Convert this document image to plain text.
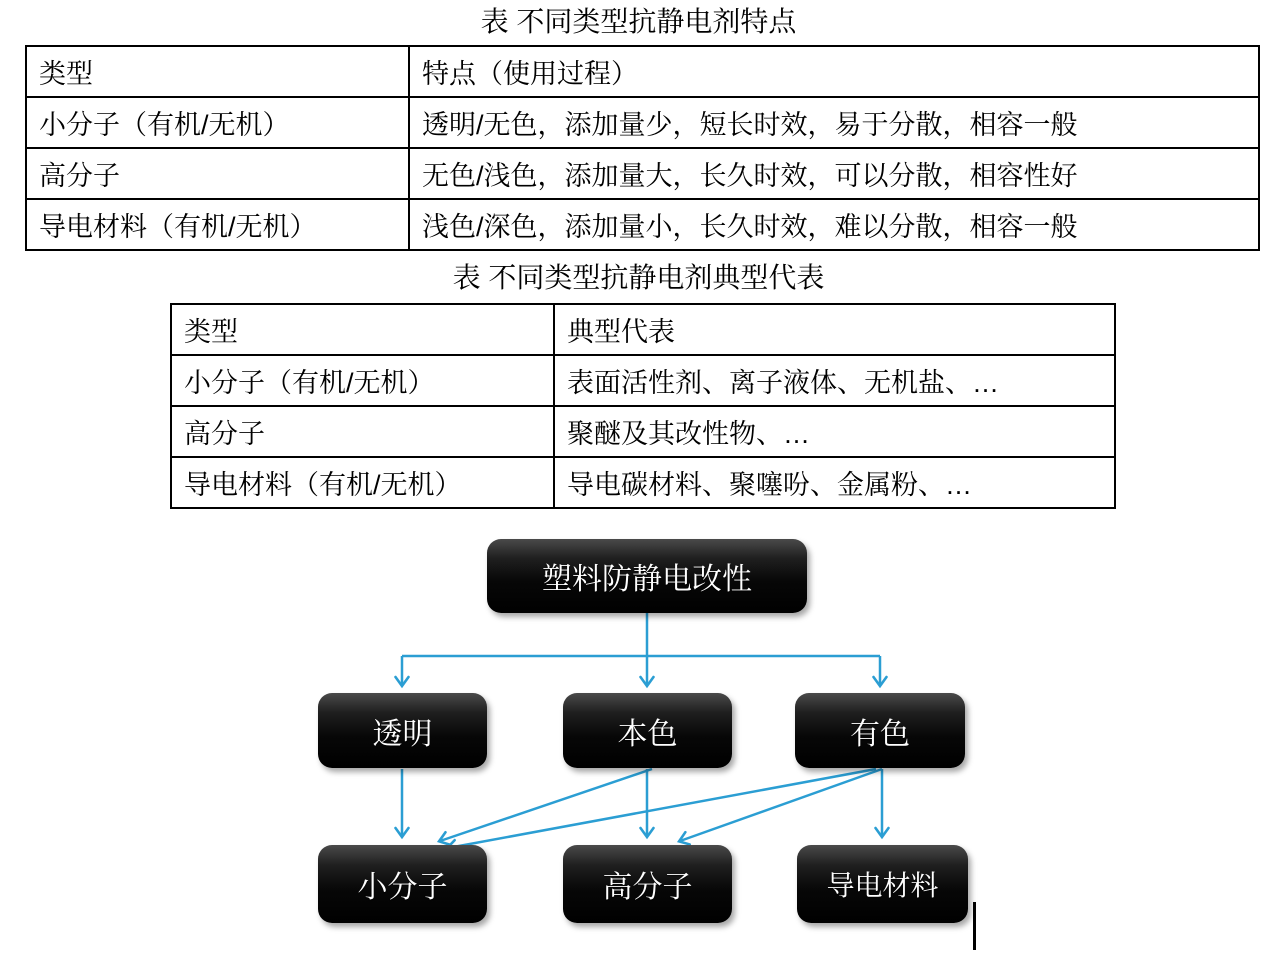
表 不同类型抗静电剂特点
类型	特点（使用过程）
小分子（有机/无机）	透明/无色，添加量少，短长时效，易于分散，相容一般
高分子	无色/浅色，添加量大，长久时效，可以分散，相容性好
导电材料（有机/无机）	浅色/深色，添加量小，长久时效，难以分散，相容一般
表 不同类型抗静电剂典型代表
类型	典型代表
小分子（有机/无机）	表面活性剂、离子液体、无机盐、…
高分子	聚醚及其改性物、…
导电材料（有机/无机）	导电碳材料、聚噻吩、金属粉、…
塑料防静电改性
透明	本色	有色
小分子	高分子	导电材料
